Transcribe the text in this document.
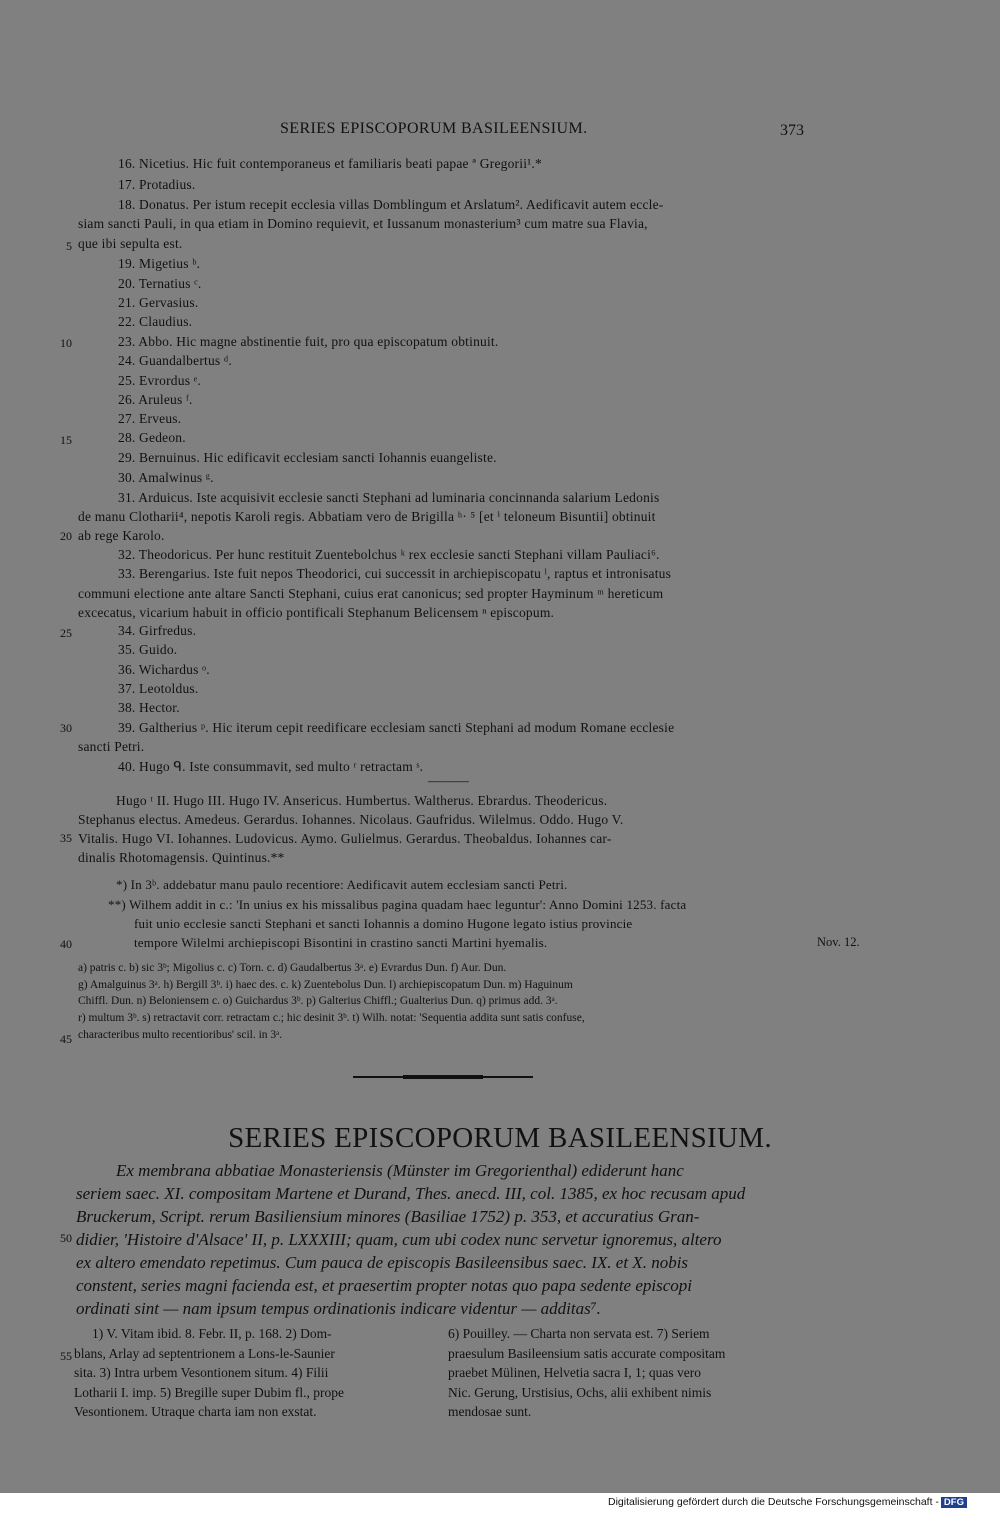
SERIES EPISCOPORUM BASILEENSIUM.	373
16. Nicetius. Hic fuit contemporaneus et familiaris beati papae ª Gregorii¹.*
17. Protadius.
18. Donatus. Per istum recepit ecclesia villas Domblingum et Arslatum². Aedificavit autem eccle-
siam sancti Pauli, in qua etiam in Domino requievit, et Iussanum monasterium³ cum matre sua Flavia,
que ibi sepulta est.
19. Migetius ᵇ.
20. Ternatius ᶜ.
21. Gervasius.
22. Claudius.
23. Abbo. Hic magne abstinentie fuit, pro qua episcopatum obtinuit.
24. Guandalbertus ᵈ.
25. Evrordus ᵉ.
26. Aruleus ᶠ.
27. Erveus.
28. Gedeon.
29. Bernuinus. Hic edificavit ecclesiam sancti Iohannis euangeliste.
30. Amalwinus ᵍ.
31. Arduicus. Iste acquisivit ecclesie sancti Stephani ad luminaria concinnanda salarium Ledonis
de manu Clotharii⁴, nepotis Karoli regis. Abbatiam vero de Brigilla ʰ· ⁵ [et ⁱ teloneum Bisuntii] obtinuit
ab rege Karolo.
32. Theodoricus. Per hunc restituit Zuentebolchus ᵏ rex ecclesie sancti Stephani villam Pauliaci⁶.
33. Berengarius. Iste fuit nepos Theodorici, cui successit in archiepiscopatu ˡ, raptus et intronisatus
communi electione ante altare Sancti Stephani, cuius erat canonicus; sed propter Hayminum ᵐ hereticum
excecatus, vicarium habuit in officio pontificali Stephanum Belicensem ⁿ episcopum.
34. Girfredus.
35. Guido.
36. Wichardus ᵒ.
37. Leotoldus.
38. Hector.
39. Galtherius ᵖ. Hic iterum cepit reedificare ecclesiam sancti Stephani ad modum Romane ecclesie
sancti Petri.
40. Hugo ᑫ. Iste consummavit, sed multo ʳ retractam ˢ.
———
Hugo ᵗ II. Hugo III. Hugo IV. Ansericus. Humbertus. Waltherus. Ebrardus. Theodericus.
Stephanus electus. Amedeus. Gerardus. Iohannes. Nicolaus. Gaufridus. Wilelmus. Oddo. Hugo V.
Vitalis. Hugo VI. Iohannes. Ludovicus. Aymo. Gulielmus. Gerardus. Theobaldus. Iohannes car-
dinalis Rhotomagensis. Quintinus.**
*) In 3ᵇ. addebatur manu paulo recentiore: Aedificavit autem ecclesiam sancti Petri.
**) Wilhem addit in c.: 'In unius ex his missalibus pagina quadam haec leguntur': Anno Domini 1253. facta
fuit unio ecclesie sancti Stephani et sancti Iohannis a domino Hugone legato istius provincie
tempore Wilelmi archiepiscopi Bisontini in crastino sancti Martini hyemalis.	Nov. 12.
a) patris c. b) sic 3ᵇ; Migolius c. c) Torn. c. d) Gaudalbertus 3ᵃ. e) Evrardus Dun. f) Aur. Dun.
g) Amalguinus 3ᵃ. h) Bergill 3ᵇ. i) haec des. c. k) Zuentebolus Dun. l) archiepiscopatum Dun. m) Haguinum
Chiffl. Dun. n) Beloniensem c. o) Guichardus 3ᵇ. p) Galterius Chiffl.; Gualterius Dun. q) primus add. 3ᵃ.
r) multum 3ᵇ. s) retractavit corr. retractam c.; hic desinit 3ᵇ. t) Wilh. notat: 'Sequentia addita sunt satis confuse,
characteribus multo recentioribus' scil. in 3ᵃ.
5
10
15
20
25
30
35
40
45
50
55
SERIES EPISCOPORUM BASILEENSIUM.
Ex membrana abbatiae Monasteriensis (Münster im Gregorienthal) ediderunt hanc
seriem saec. XI. compositam Martene et Durand, Thes. anecd. III, col. 1385, ex hoc recusam apud
Bruckerum, Script. rerum Basiliensium minores (Basiliae 1752) p. 353, et accuratius Gran-
didier, 'Histoire d'Alsace' II, p. LXXXIII; quam, cum ubi codex nunc servetur ignoremus, altero
ex altero emendato repetimus. Cum pauca de episcopis Basileensibus saec. IX. et X. nobis
constent, series magni facienda est, et praesertim propter notas quo papa sedente episcopi
ordinati sint — nam ipsum tempus ordinationis indicare videntur — additas⁷.
1) V. Vitam ibid. 8. Febr. II, p. 168. 2) Dom-
blans, Arlay ad septentrionem a Lons-le-Saunier
sita. 3) Intra urbem Vesontionem situm. 4) Filii
Lotharii I. imp. 5) Bregille super Dubim fl., prope
Vesontionem. Utraque charta iam non exstat.
6) Pouilley. — Charta non servata est. 7) Seriem
praesulum Basileensium satis accurate compositam
praebet Mülinen, Helvetia sacra I, 1; quas vero
Nic. Gerung, Urstisius, Ochs, alii exhibent nimis
mendosae sunt.
Digitalisierung gefördert durch die Deutsche Forschungsgemeinschaft - DFG
